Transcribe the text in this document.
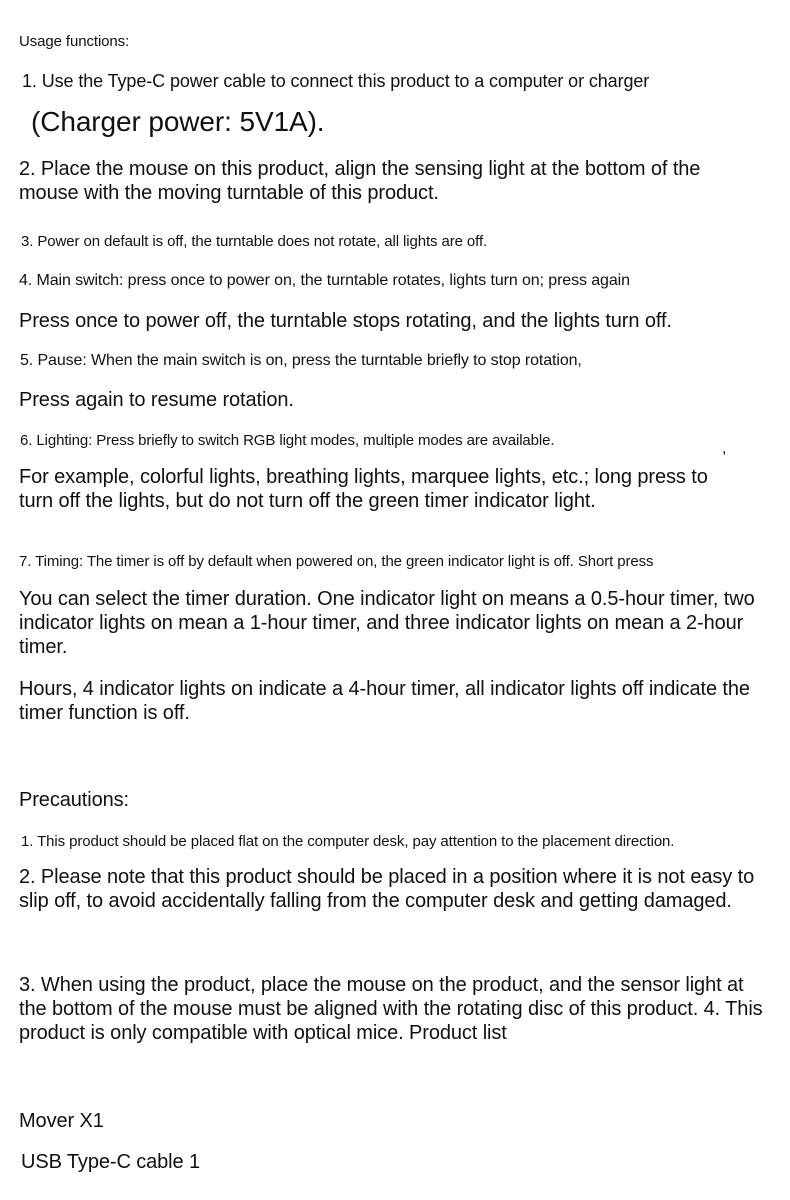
Usage functions:

1. Use the Type-C power cable to connect this product to a computer or charger

(Charger power: 5V1A).

2. Place the mouse on this product, align the sensing light at the bottom of the mouse with the moving turntable of this product.

3. Power on default is off, the turntable does not rotate, all lights are off.

4. Main switch: press once to power on, the turntable rotates, lights turn on; press again

Press once to power off, the turntable stops rotating, and the lights turn off.

5. Pause: When the main switch is on, press the turntable briefly to stop rotation,

Press again to resume rotation.

6. Lighting: Press briefly to switch RGB light modes, multiple modes are available.	,

For example, colorful lights, breathing lights, marquee lights, etc.; long press to turn off the lights, but do not turn off the green timer indicator light.

7. Timing: The timer is off by default when powered on, the green indicator light is off. Short press

You can select the timer duration. One indicator light on means a 0.5-hour timer, two indicator lights on mean a 1-hour timer, and three indicator lights on mean a 2-hour timer.

Hours, 4 indicator lights on indicate a 4-hour timer, all indicator lights off indicate the timer function is off.

Precautions:

1. This product should be placed flat on the computer desk, pay attention to the placement direction.

2. Please note that this product should be placed in a position where it is not easy to slip off, to avoid accidentally falling from the computer desk and getting damaged.

3. When using the product, place the mouse on the product, and the sensor light at the bottom of the mouse must be aligned with the rotating disc of this product. 4. This product is only compatible with optical mice. Product list

Mover X1

USB Type-C cable 1
